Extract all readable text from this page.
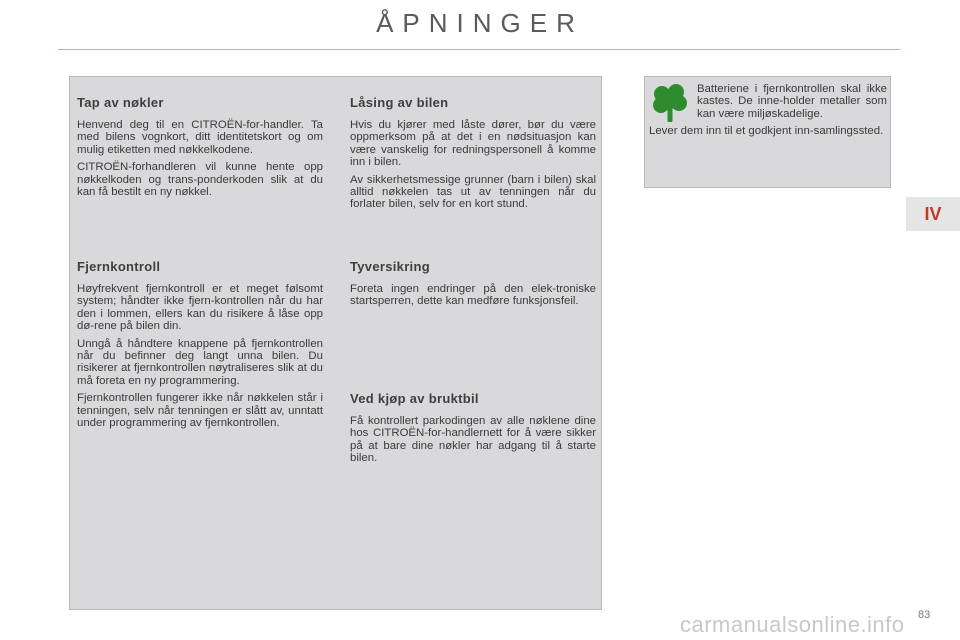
ÅPNINGER
Tap av nøkler

Henvend deg til en CITROËN-for-handler. Ta med bilens vognkort, ditt identitetskort og om mulig etiketten med nøkkelkodene.

CITROËN-forhandleren vil kunne hente opp nøkkelkoden og trans-ponderkoden slik at du kan få bestilt en ny nøkkel.

Fjernkontroll

Høyfrekvent fjernkontroll er et meget følsomt system; håndter ikke fjern-kontrollen når du har den i lommen, ellers kan du risikere å låse opp dø-rene på bilen din.

Unngå å håndtere knappene på fjernkontrollen når du befinner deg langt unna bilen. Du risikerer at fjernkontrollen nøytraliseres slik at du må foreta en ny programmering.

Fjernkontrollen fungerer ikke når nøkkelen står i tenningen, selv når tenningen er slått av, unntatt under programmering av fjernkontrollen.

Låsing av bilen

Hvis du kjører med låste dører, bør du være oppmerksom på at det i en nødsituasjon kan være vanskelig for redningspersonell å komme inn i bilen.

Av sikkerhetsmessige grunner (barn i bilen) skal alltid nøkkelen tas ut av tenningen når du forlater bilen, selv for en kort stund.

Tyversikring

Foreta ingen endringer på den elek-troniske startsperren, dette kan medføre funksjonsfeil.

Ved kjøp av bruktbil

Få kontrollert parkodingen av alle nøklene dine hos CITROËN-for-handlernett for å være sikker på at bare dine nøkler har adgang til å starte bilen.

Batteriene i fjernkontrollen skal ikke kastes. De inne-holder metaller som kan være miljøskadelige.
Lever dem inn til et godkjent inn-samlingssted.

IV
carmanualsonline.info 83
